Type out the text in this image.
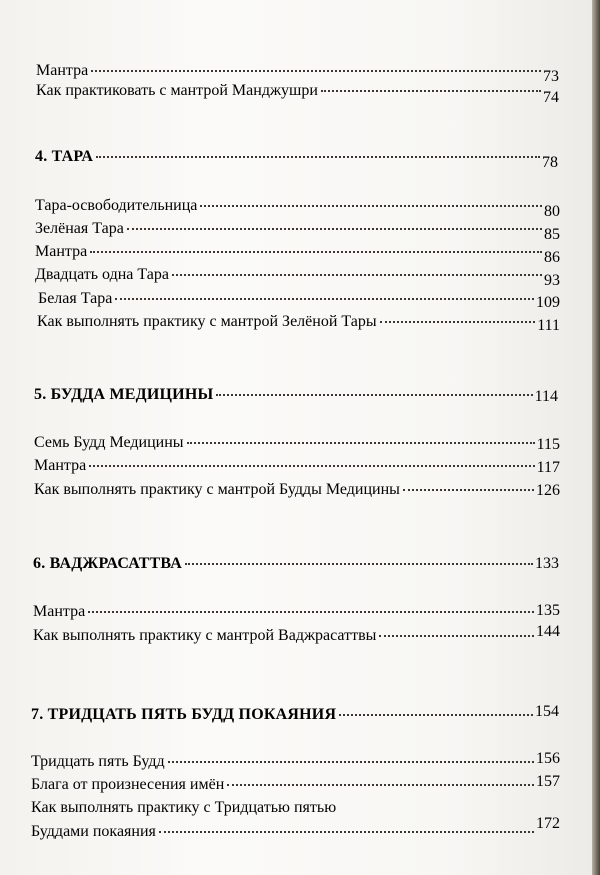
Мантра	73
Как практиковать с мантрой Манджушри	74
4. ТАРА	78
Тара-освободительница	80
Зелёная Тара	85
Мантра	86
Двадцать одна Тара	93
Белая Тара	109
Как выполнять практику с мантрой Зелёной Тары	111
5. БУДДА МЕДИЦИНЫ	114
Семь Будд Медицины	115
Мантра	117
Как выполнять практику с мантрой Будды Медицины	126
6. ВАДЖРАСАТТВА	133
Мантра	135
Как выполнять практику с мантрой Ваджрасаттвы	144
7. ТРИДЦАТЬ ПЯТЬ БУДД ПОКАЯНИЯ	154
Тридцать пять Будд	156
Блага от произнесения имён	157
Как выполнять практику с Тридцатью пятью
Буддами покаяния	172
